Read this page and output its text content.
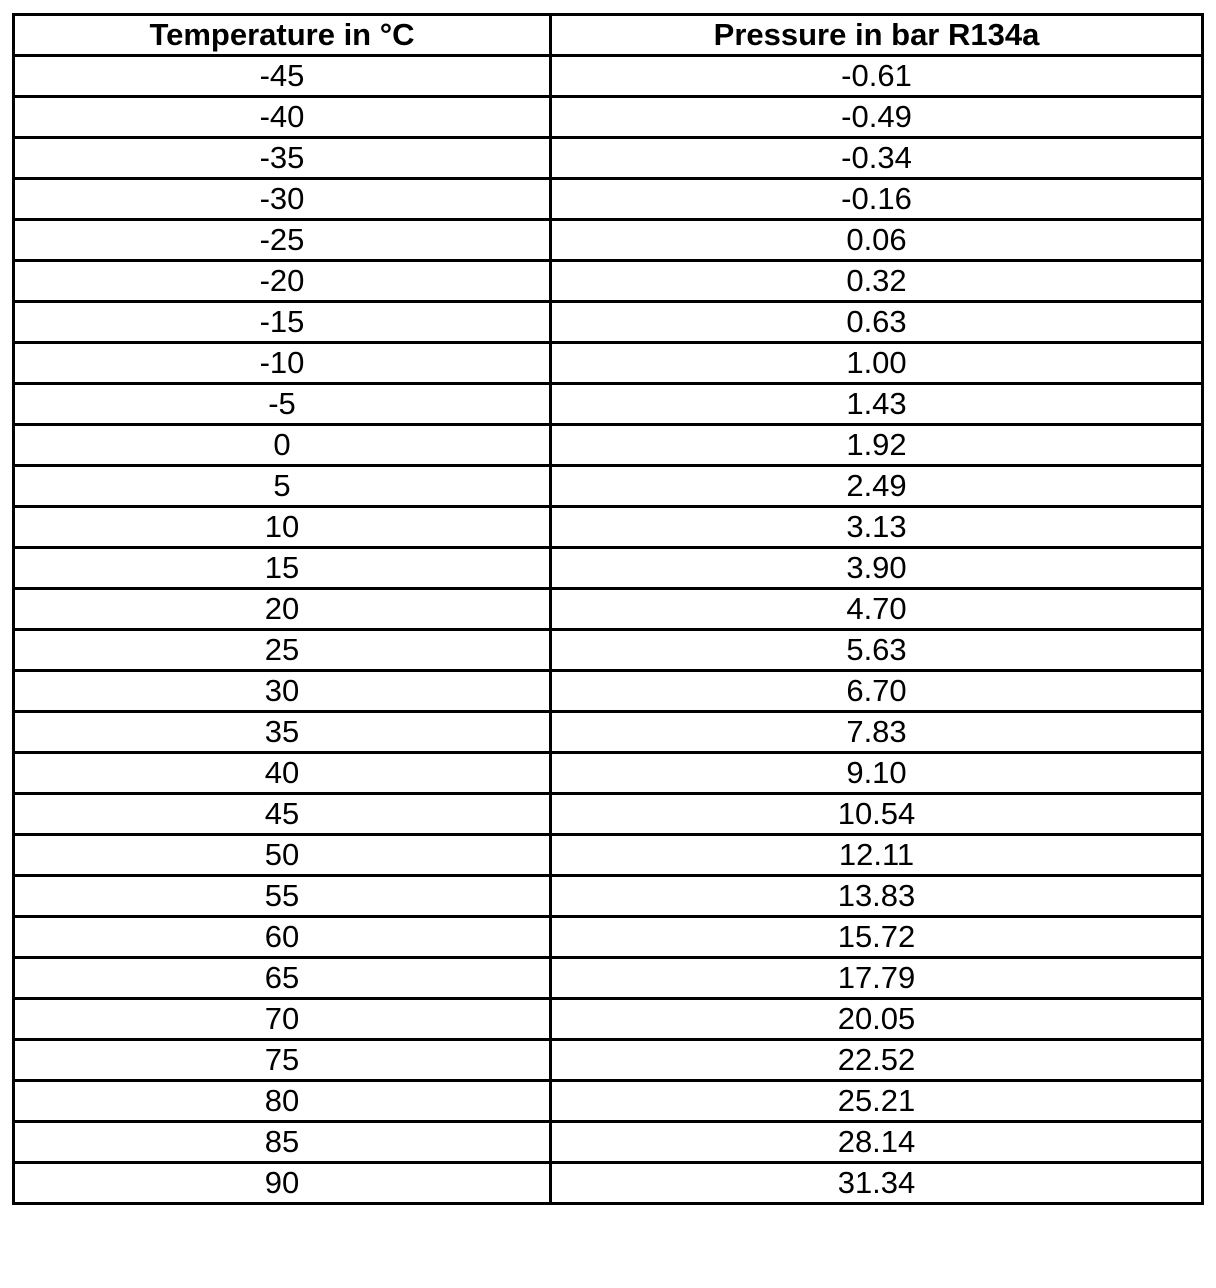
Temperature in °C	Pressure in bar R134a
-45	-0.61
-40	-0.49
-35	-0.34
-30	-0.16
-25	0.06
-20	0.32
-15	0.63
-10	1.00
-5	1.43
0	1.92
5	2.49
10	3.13
15	3.90
20	4.70
25	5.63
30	6.70
35	7.83
40	9.10
45	10.54
50	12.11
55	13.83
60	15.72
65	17.79
70	20.05
75	22.52
80	25.21
85	28.14
90	31.34
